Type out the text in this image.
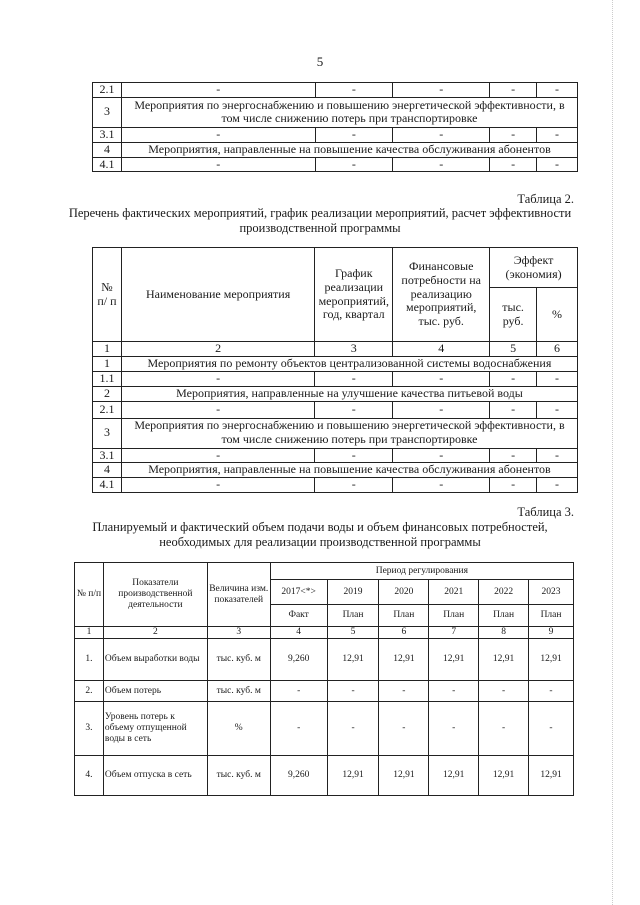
5
2.1	-	-	-	-	-
3	Мероприятия по энергоснабжению и повышению энергетической эффективности, в том числе снижению потерь при транспортировке				
3.1	-	-	-	-	-
4	Мероприятия, направленные на повышение качества обслуживания абонентов				
4.1	-	-	-	-	-
Таблица 2.
Перечень фактических мероприятий, график реализации мероприятий, расчет эффективности производственной программы
№ п/ п	Наименование мероприятия	График реализации мероприятий, год, квартал	Финансовые потребности на реализацию мероприятий, тыс. руб.	Эффект (экономия)	
				тыс. руб.	%
1	2	3	4	5	6
1	Мероприятия по ремонту объектов централизованной системы водоснабжения				
1.1	-	-	-	-	-
2	Мероприятия, направленные на улучшение качества питьевой воды				
2.1	-	-	-	-	-
3	Мероприятия по энергоснабжению и повышению энергетической эффективности, в том числе снижению потерь при транспортировке				
3.1	-	-	-	-	-
4	Мероприятия, направленные на повышение качества обслуживания абонентов				
4.1	-	-	-	-	-
Таблица 3.
Планируемый и фактический объем подачи воды и объем финансовых потребностей, необходимых для реализации производственной программы
№ п/п	Показатели производственной деятельности	Величина изм. показателей	Период регулирования					
			2017<*>	2019	2020	2021	2022	2023
			Факт	План	План	План	План	План
1	2	3	4	5	6	7	8	9
1.	Объем выработки воды	тыс. куб. м	9,260	12,91	12,91	12,91	12,91	12,91
2.	Объем потерь	тыс. куб. м	-	-	-	-	-	-
3.	Уровень потерь к объему отпущенной воды в сеть	%	-	-	-	-	-	-
4.	Объем отпуска в сеть	тыс. куб. м	9,260	12,91	12,91	12,91	12,91	12,91
